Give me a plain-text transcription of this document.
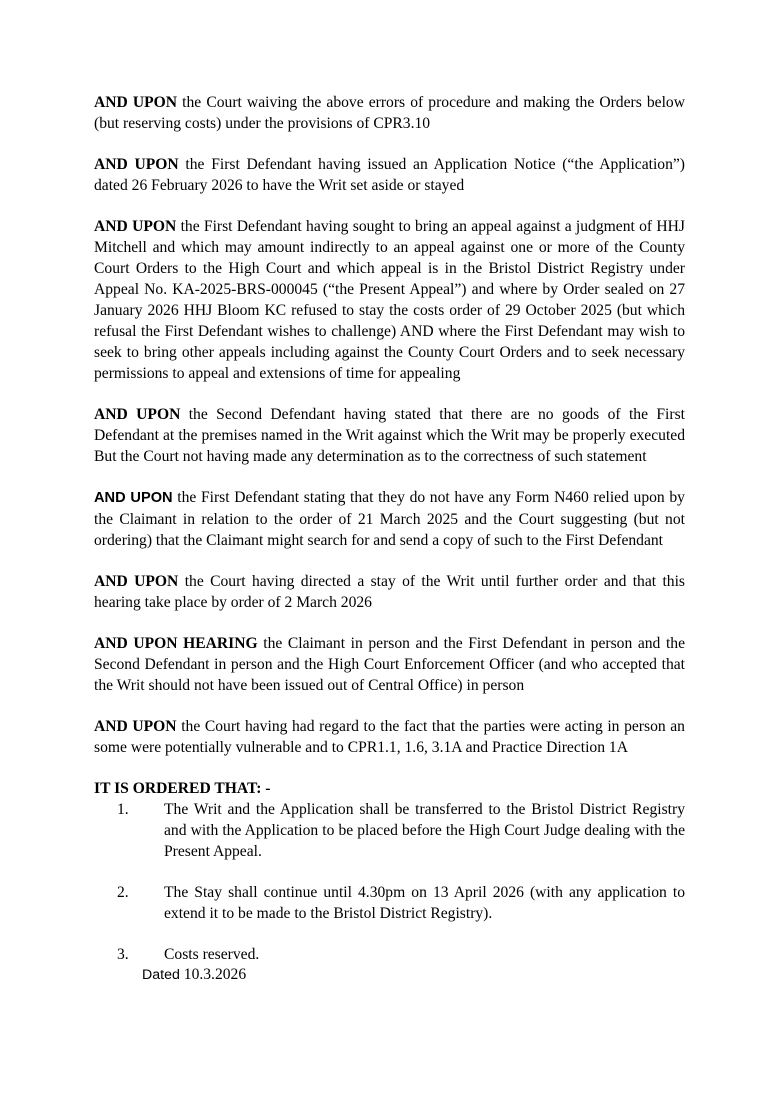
AND UPON the Court waiving the above errors of procedure and making the Orders below (but reserving costs) under the provisions of CPR3.10

AND UPON the First Defendant having issued an Application Notice (“the Application”) dated 26 February 2026 to have the Writ set aside or stayed

AND UPON the First Defendant having sought to bring an appeal against a judgment of HHJ Mitchell and which may amount indirectly to an appeal against one or more of the County Court Orders to the High Court and which appeal is in the Bristol District Registry under Appeal No. KA-2025-BRS-000045 (“the Present Appeal”) and where by Order sealed on 27 January 2026 HHJ Bloom KC refused to stay the costs order of 29 October 2025 (but which refusal the First Defendant wishes to challenge) AND where the First Defendant may wish to seek to bring other appeals including against the County Court Orders and to seek necessary permissions to appeal and extensions of time for appealing

AND UPON the Second Defendant having stated that there are no goods of the First Defendant at the premises named in the Writ against which the Writ may be properly executed But the Court not having made any determination as to the correctness of such statement

AND UPON the First Defendant stating that they do not have any Form N460 relied upon by the Claimant in relation to the order of 21 March 2025 and the Court suggesting (but not ordering) that the Claimant might search for and send a copy of such to the First Defendant

AND UPON the Court having directed a stay of the Writ until further order and that this hearing take place by order of 2 March 2026

AND UPON HEARING the Claimant in person and the First Defendant in person and the Second Defendant in person and the High Court Enforcement Officer (and who accepted that the Writ should not have been issued out of Central Office) in person

AND UPON the Court having had regard to the fact that the parties were acting in person an some were potentially vulnerable and to CPR1.1, 1.6, 3.1A and Practice Direction 1A

IT IS ORDERED THAT: -

1.	The Writ and the Application shall be transferred to the Bristol District Registry and with the Application to be placed before the High Court Judge dealing with the Present Appeal.
2.	The Stay shall continue until 4.30pm on 13 April 2026 (with any application to extend it to be made to the Bristol District Registry).
3.	Costs reserved.

Dated 10.3.2026
